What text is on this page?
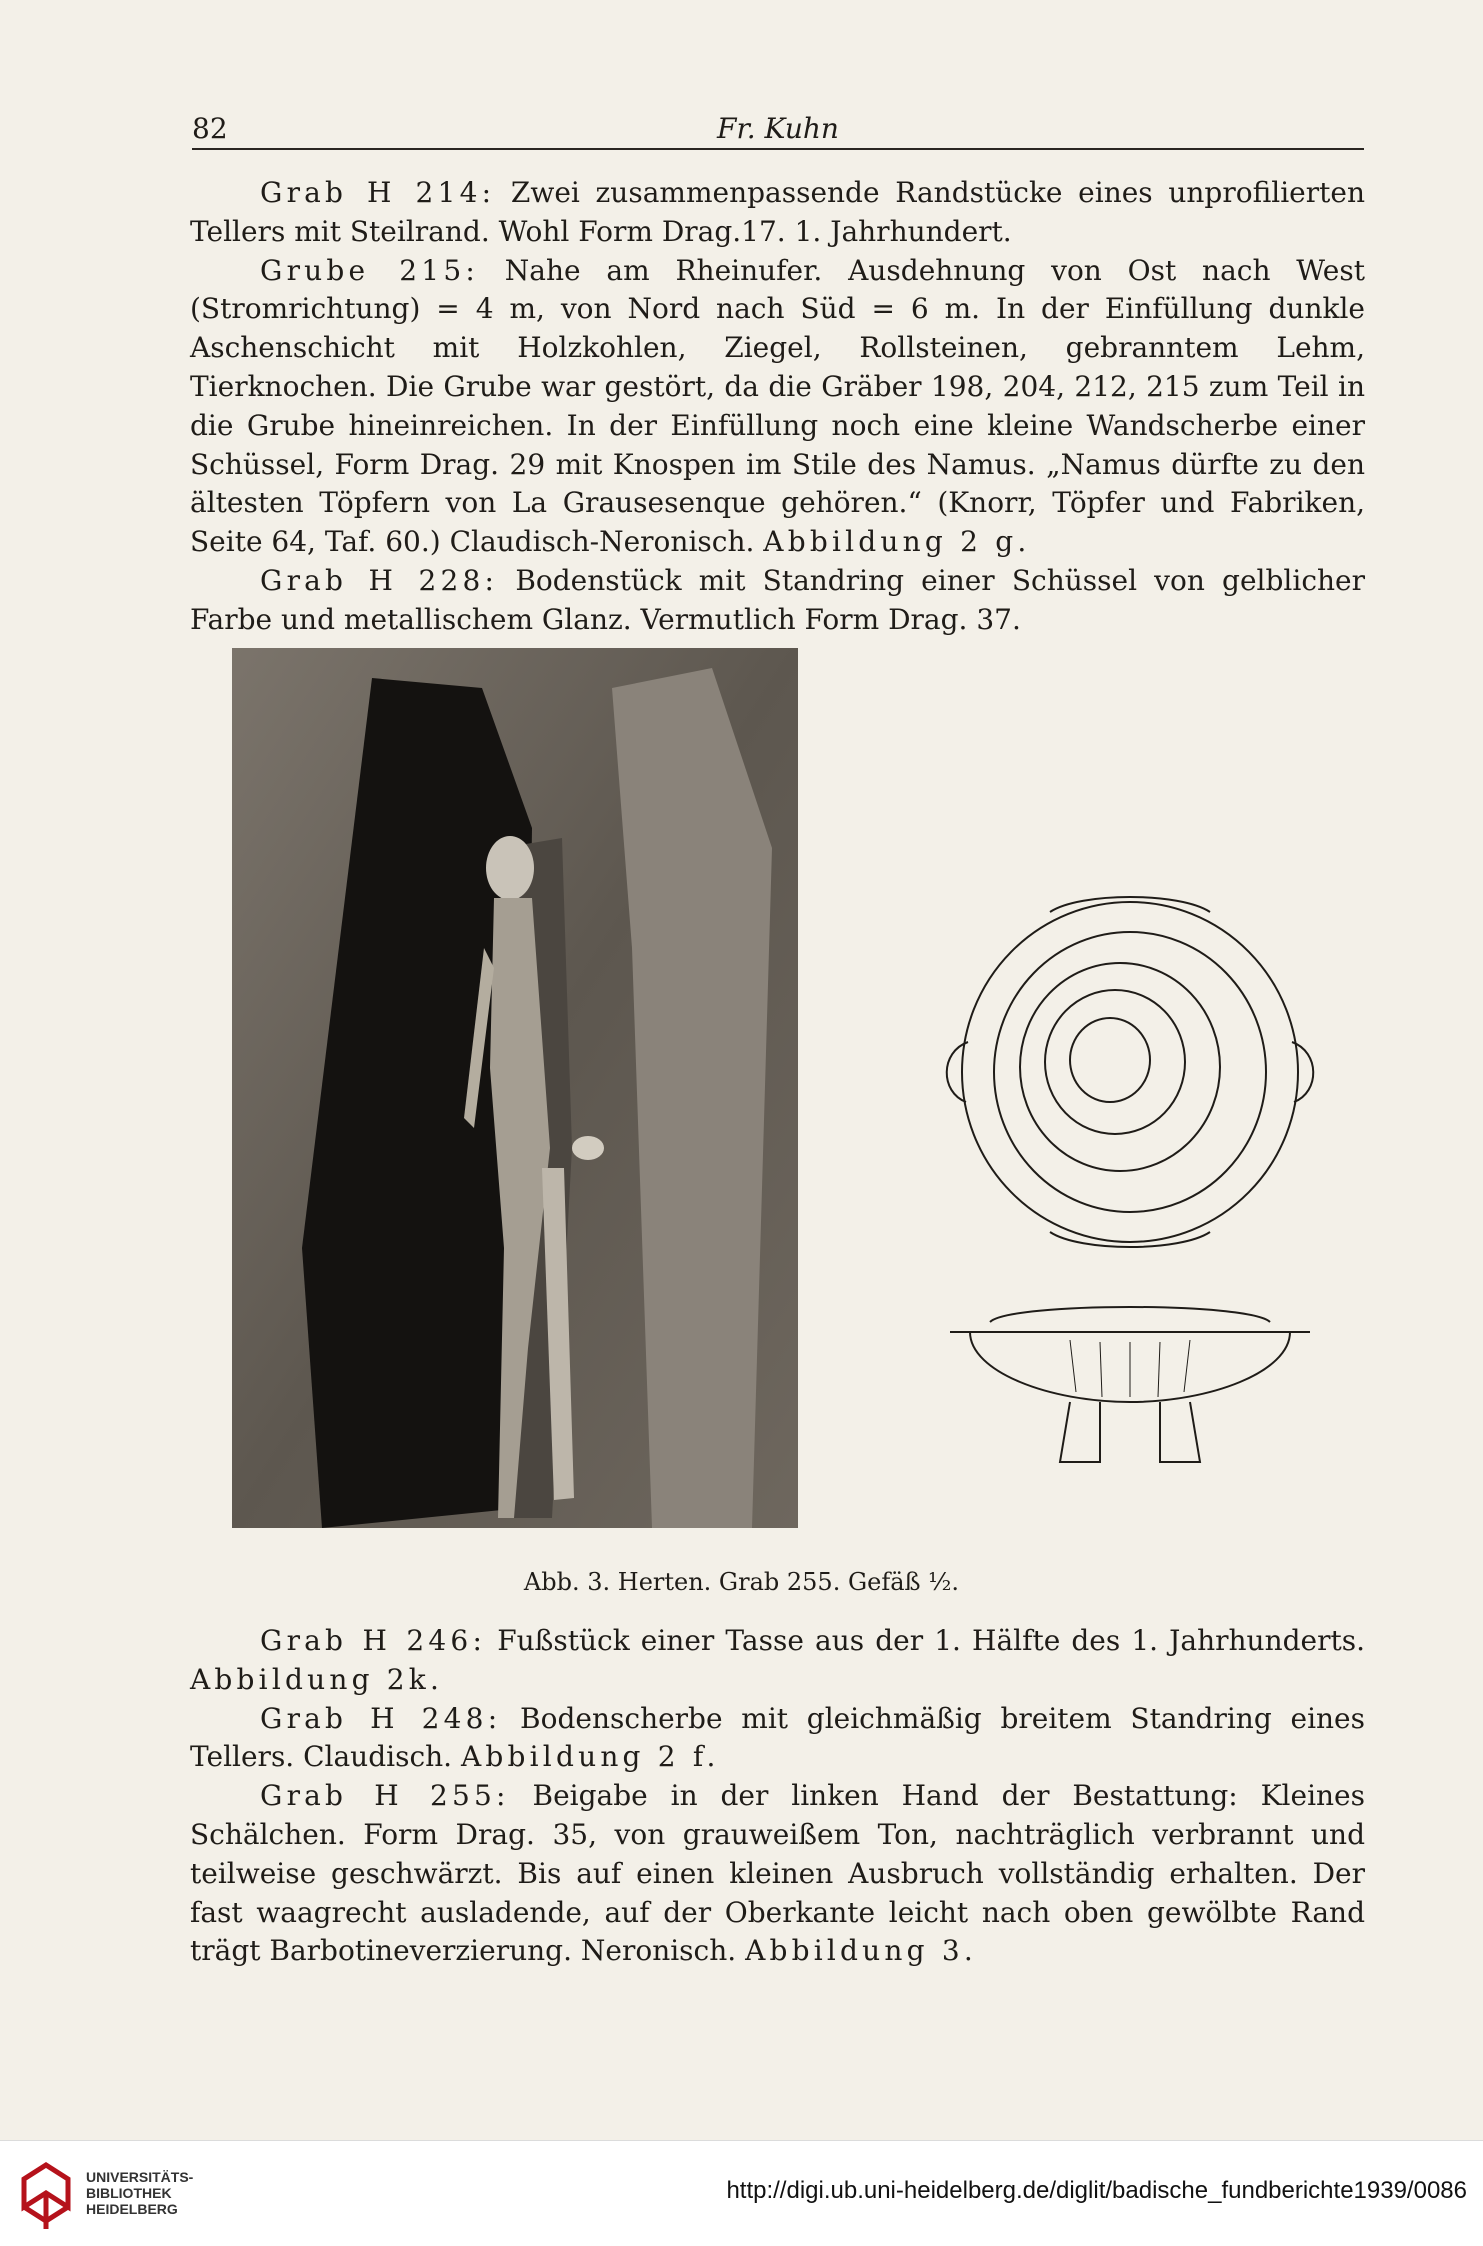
82	Fr. Kuhn

Grab H 214: Zwei zusammenpassende Randstücke eines unprofilierten Tellers mit Steilrand. Wohl Form Drag.17. 1. Jahrhundert.

Grube 215: Nahe am Rheinufer. Ausdehnung von Ost nach West (Stromrichtung) = 4 m, von Nord nach Süd = 6 m. In der Einfüllung dunkle Aschenschicht mit Holzkohlen, Ziegel, Rollsteinen, gebranntem Lehm, Tierknochen. Die Grube war gestört, da die Gräber 198, 204, 212, 215 zum Teil in die Grube hineinreichen. In der Einfüllung noch eine kleine Wandscherbe einer Schüssel, Form Drag. 29 mit Knospen im Stile des Namus. „Namus dürfte zu den ältesten Töpfern von La Grausesenque gehören.“ (Knorr, Töpfer und Fabriken, Seite 64, Taf. 60.) Claudisch-Neronisch. Abbildung 2 g.

Grab H 228: Bodenstück mit Standring einer Schüssel von gelblicher Farbe und metallischem Glanz. Vermutlich Form Drag. 37.

Abb. 3. Herten. Grab 255. Gefäß ½.

Grab H 246: Fußstück einer Tasse aus der 1. Hälfte des 1. Jahrhunderts. Abbildung 2k.

Grab H 248: Bodenscherbe mit gleichmäßig breitem Standring eines Tellers. Claudisch. Abbildung 2 f.

Grab H 255: Beigabe in der linken Hand der Bestattung: Kleines Schälchen. Form Drag. 35, von grauweißem Ton, nachträglich verbrannt und teilweise geschwärzt. Bis auf einen kleinen Ausbruch vollständig erhalten. Der fast waagrecht ausladende, auf der Oberkante leicht nach oben gewölbte Rand trägt Barbotineverzierung. Neronisch. Abbildung 3.

UNIVERSITÄTS-
BIBLIOTHEK
HEIDELBERG
http://digi.ub.uni-heidelberg.de/diglit/badische_fundberichte1939/0086
